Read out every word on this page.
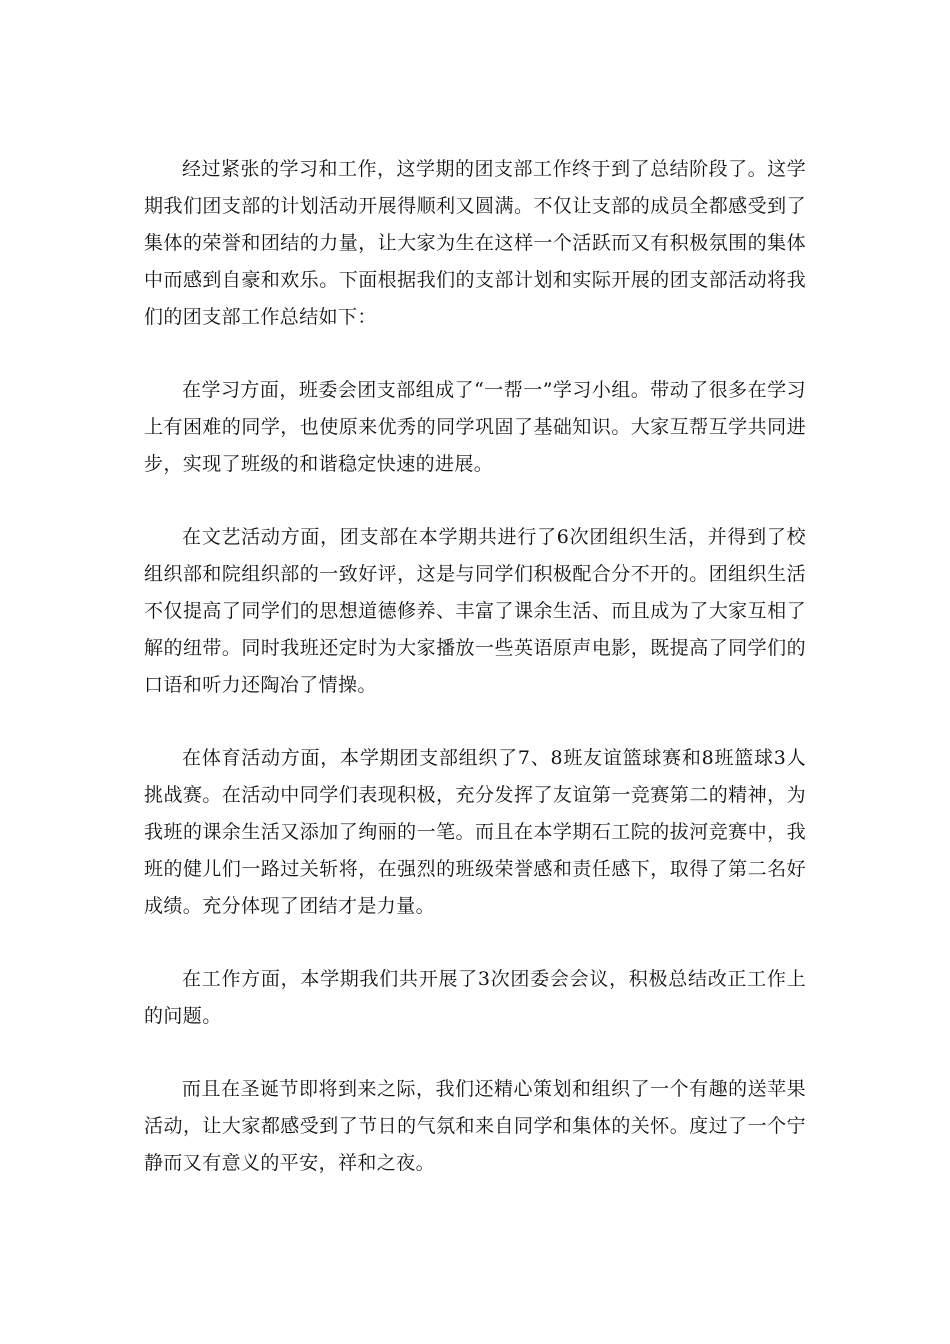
经过紧张的学习和工作，这学期的团支部工作终于到了总结阶段了。这学期我们团支部的计划活动开展得顺利又圆满。不仅让支部的成员全都感受到了集体的荣誉和团结的力量，让大家为生在这样一个活跃而又有积极氛围的集体中而感到自豪和欢乐。下面根据我们的支部计划和实际开展的团支部活动将我们的团支部工作总结如下：

在学习方面，班委会团支部组成了“一帮一”学习小组。带动了很多在学习上有困难的同学，也使原来优秀的同学巩固了基础知识。大家互帮互学共同进步，实现了班级的和谐稳定快速的进展。

在文艺活动方面，团支部在本学期共进行了6次团组织生活，并得到了校组织部和院组织部的一致好评，这是与同学们积极配合分不开的。团组织生活不仅提高了同学们的思想道德修养、丰富了课余生活、而且成为了大家互相了解的纽带。同时我班还定时为大家播放一些英语原声电影，既提高了同学们的口语和听力还陶冶了情操。

在体育活动方面，本学期团支部组织了7、8班友谊篮球赛和8班篮球3人挑战赛。在活动中同学们表现积极，充分发挥了友谊第一竞赛第二的精神，为我班的课余生活又添加了绚丽的一笔。而且在本学期石工院的拔河竞赛中，我班的健儿们一路过关斩将，在强烈的班级荣誉感和责任感下，取得了第二名好成绩。充分体现了团结才是力量。

在工作方面，本学期我们共开展了3次团委会会议，积极总结改正工作上的问题。

而且在圣诞节即将到来之际，我们还精心策划和组织了一个有趣的送苹果活动，让大家都感受到了节日的气氛和来自同学和集体的关怀。度过了一个宁静而又有意义的平安，祥和之夜。
